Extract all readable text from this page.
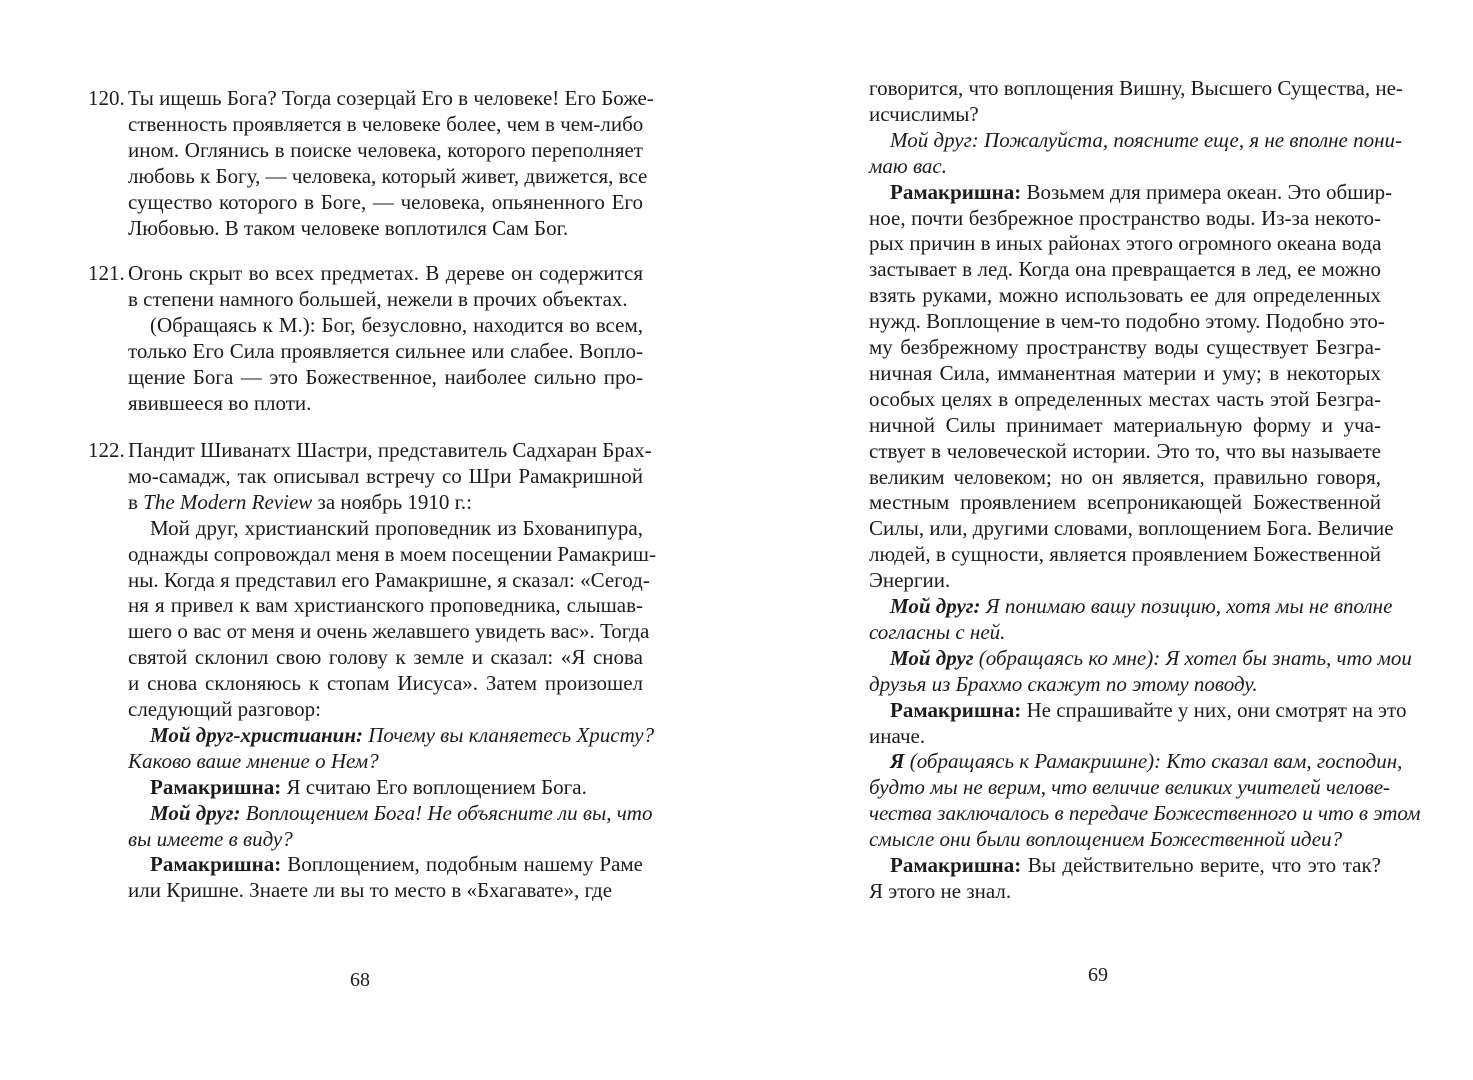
120. Ты ищешь Бога? Тогда созерцай Его в человеке! Его Боже-
ственность проявляется в человеке более, чем в чем-либо
ином. Оглянись в поиске человека, которого переполняет
любовь к Богу, — человека, который живет, движется, все
существо которого в Боге, — человека, опьяненного Его
Любовью. В таком человеке воплотился Сам Бог.
121. Огонь скрыт во всех предметах. В дереве он содержится
в степени намного большей, нежели в прочих объектах.
(Обращаясь к М.): Бог, безусловно, находится во всем,
только Его Сила проявляется сильнее или слабее. Вопло-
щение Бога — это Божественное, наиболее сильно про-
явившееся во плоти.
122. Пандит Шиванатх Шастри, представитель Садхаран Брах-
мо-самадж, так описывал встречу со Шри Рамакришной
в The Modern Review за ноябрь 1910 г.:
Мой друг, христианский проповедник из Бхованипура,
однажды сопровождал меня в моем посещении Рамакриш-
ны. Когда я представил его Рамакришне, я сказал: «Сегод-
ня я привел к вам христианского проповедника, слышав-
шего о вас от меня и очень желавшего увидеть вас». Тогда
святой склонил свою голову к земле и сказал: «Я снова
и снова склоняюсь к стопам Иисуса». Затем произошел
следующий разговор:
Мой друг-христианин: Почему вы кланяетесь Христу?
Каково ваше мнение о Нем?
Рамакришна: Я считаю Его воплощением Бога.
Мой друг: Воплощением Бога! Не объясните ли вы, что
вы имеете в виду?
Рамакришна: Воплощением, подобным нашему Раме
или Кришне. Знаете ли вы то место в «Бхагавате», где
68
говорится, что воплощения Вишну, Высшего Существа, не-
исчислимы?
Мой друг: Пожалуйста, поясните еще, я не вполне пони-
маю вас.
Рамакришна: Возьмем для примера океан. Это обшир-
ное, почти безбрежное пространство воды. Из-за некото-
рых причин в иных районах этого огромного океана вода
застывает в лед. Когда она превращается в лед, ее можно
взять руками, можно использовать ее для определенных
нужд. Воплощение в чем-то подобно этому. Подобно это-
му безбрежному пространству воды существует Безгра-
ничная Сила, имманентная материи и уму; в некоторых
особых целях в определенных местах часть этой Безгра-
ничной Силы принимает материальную форму и уча-
ствует в человеческой истории. Это то, что вы называете
великим человеком; но он является, правильно говоря,
местным проявлением всепроникающей Божественной
Силы, или, другими словами, воплощением Бога. Величие
людей, в сущности, является проявлением Божественной
Энергии.
Мой друг: Я понимаю вашу позицию, хотя мы не вполне
согласны с ней.
Мой друг (обращаясь ко мне): Я хотел бы знать, что мои
друзья из Брахмо скажут по этому поводу.
Рамакришна: Не спрашивайте у них, они смотрят на это
иначе.
Я (обращаясь к Рамакришне): Кто сказал вам, господин,
будто мы не верим, что величие великих учителей челове-
чества заключалось в передаче Божественного и что в этом
смысле они были воплощением Божественной идеи?
Рамакришна: Вы действительно верите, что это так?
Я этого не знал.
69
